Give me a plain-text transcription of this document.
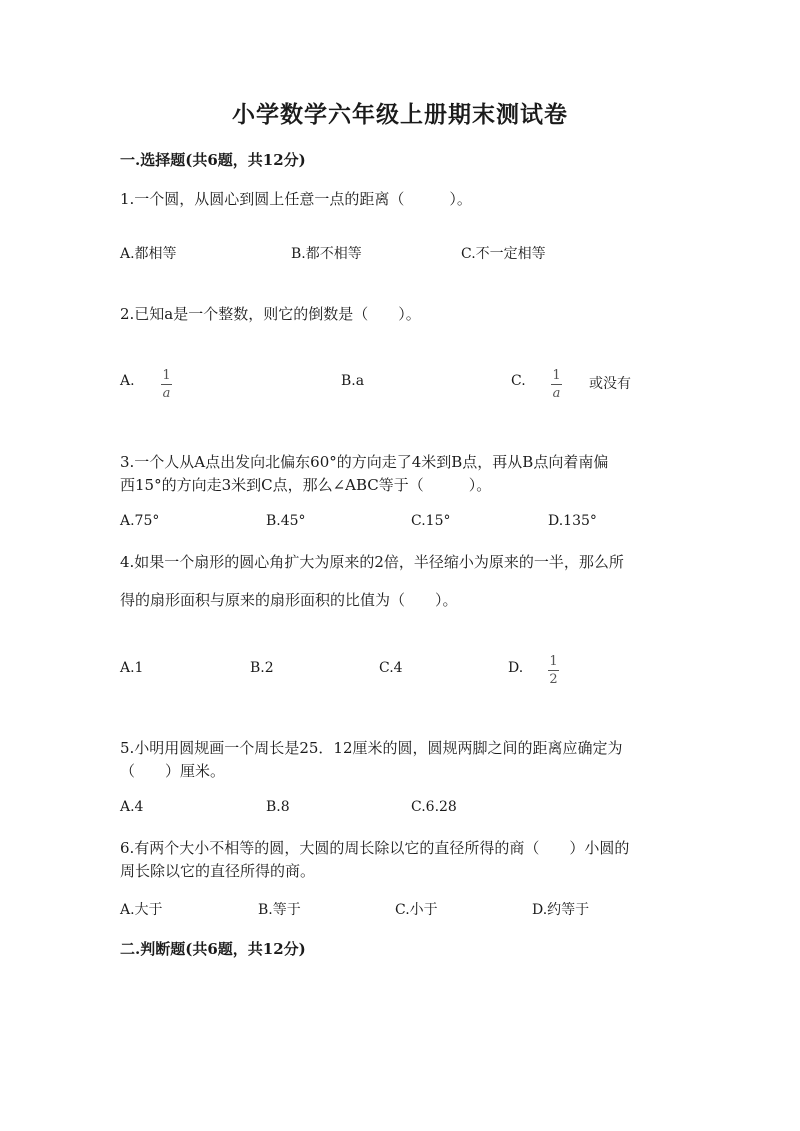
小学数学六年级上册期末测试卷
一.选择题(共6题，共12分)
1.一个圆，从圆心到圆上任意一点的距离（　　　）。
A.都相等	B.都不相等	C.不一定相等
2.已知a是一个整数，则它的倒数是（　　）。
A. 1
a
B.a	C. 1
a
或没有
3.一个人从A点出发向北偏东60°的方向走了4米到B点，再从B点向着南偏
西15°的方向走3米到C点，那么∠ABC等于（　　　）。
A.75°	B.45°	C.15°	D.135°
4.如果一个扇形的圆心角扩大为原来的2倍，半径缩小为原来的一半，那么所
得的扇形面积与原来的扇形面积的比值为（　　）。
A.1	B.2	C.4	D. 1
2
5.小明用圆规画一个周长是25．12厘米的圆，圆规两脚之间的距离应确定为
（　　）厘米。
A.4	B.8	C.6.28
6.有两个大小不相等的圆，大圆的周长除以它的直径所得的商（　　）小圆的
周长除以它的直径所得的商。
A.大于	B.等于	C.小于	D.约等于
二.判断题(共6题，共12分)
